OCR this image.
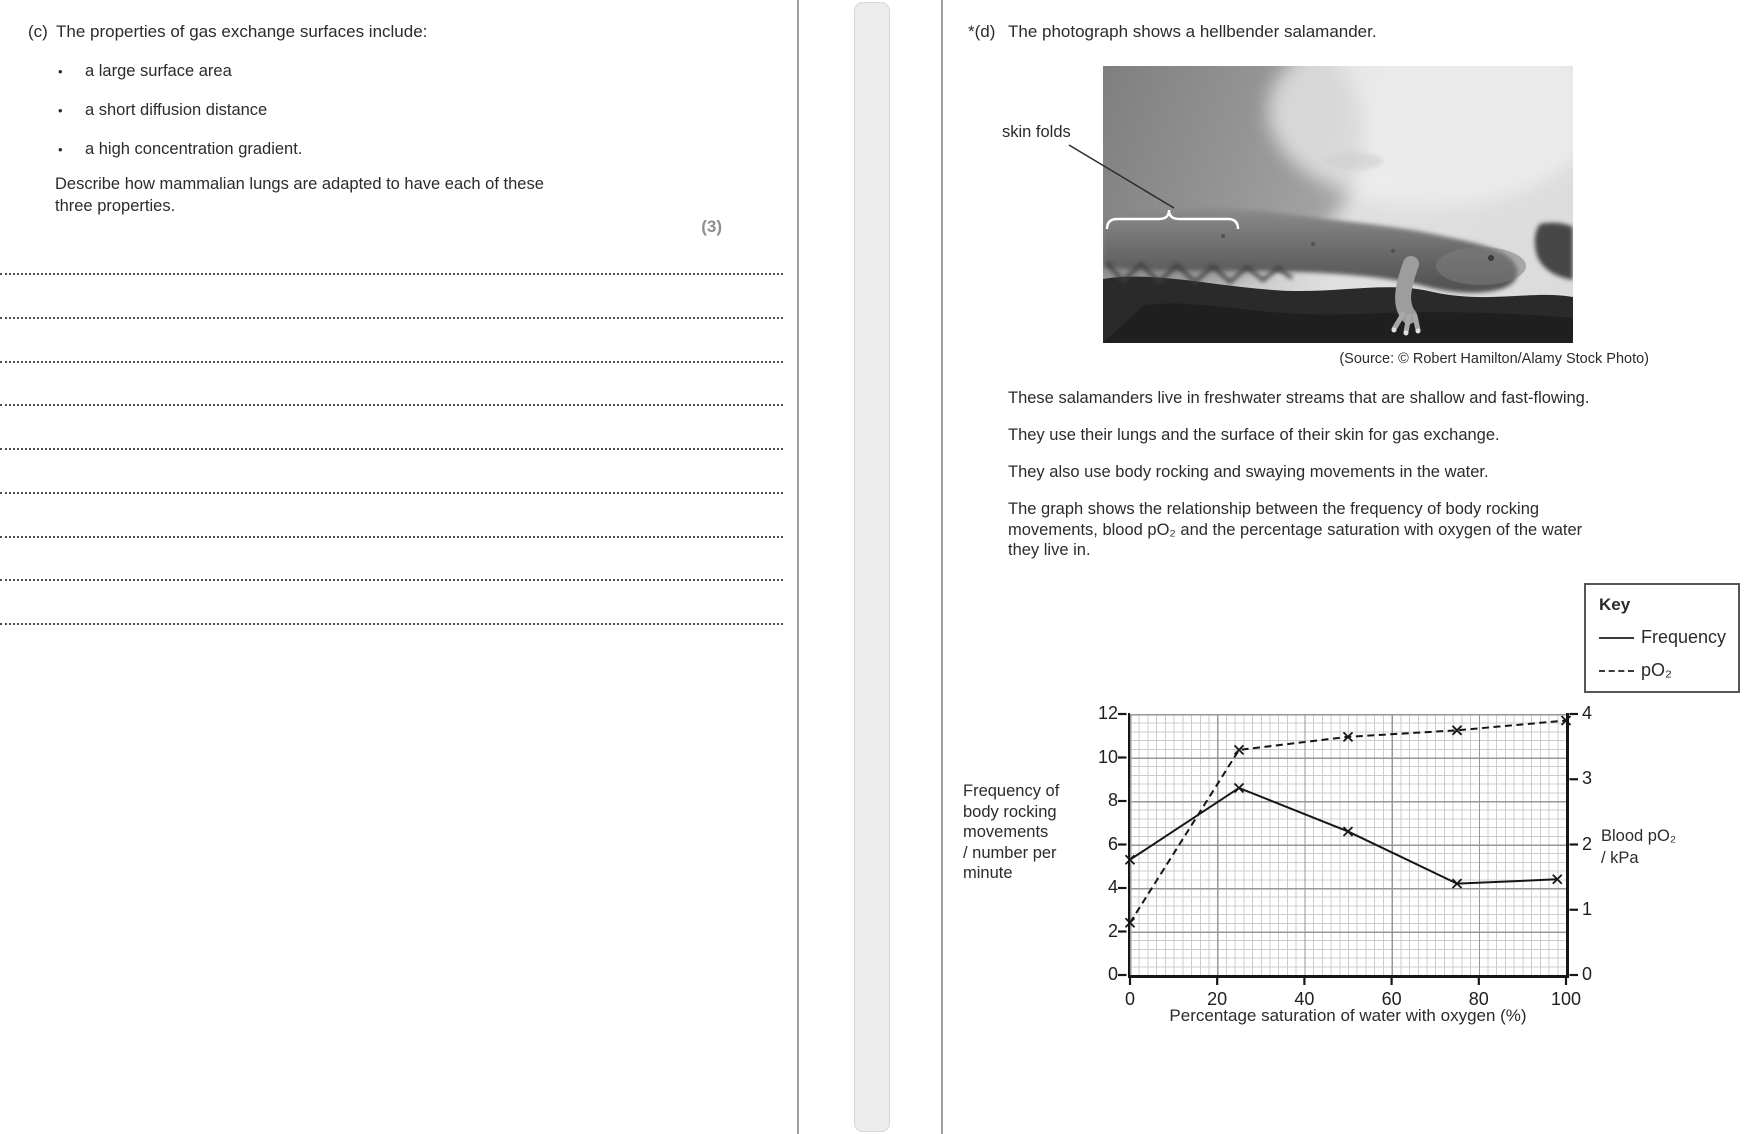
(c) The properties of gas exchange surfaces include:
•	a large surface area
•	a short diffusion distance
•	a high concentration gradient.
Describe how mammalian lungs are adapted to have each of these
three properties.
(3)
*(d) The photograph shows a hellbender salamander.
skin folds
(Source: © Robert Hamilton/Alamy Stock Photo)
These salamanders live in freshwater streams that are shallow and fast-flowing.
They use their lungs and the surface of their skin for gas exchange.
They also use body rocking and swaying movements in the water.
The graph shows the relationship between the frequency of body rocking
movements, blood pO₂ and the percentage saturation with oxygen of the water
they live in.
Key
Frequency
pO₂
Frequency of
body rocking
movements
/ number per
minute
Blood pO₂
/ kPa
0	20	40	60	80	100
0
2
4
6
8
10
12
0
1
2
3
4
Percentage saturation of water with oxygen (%)
